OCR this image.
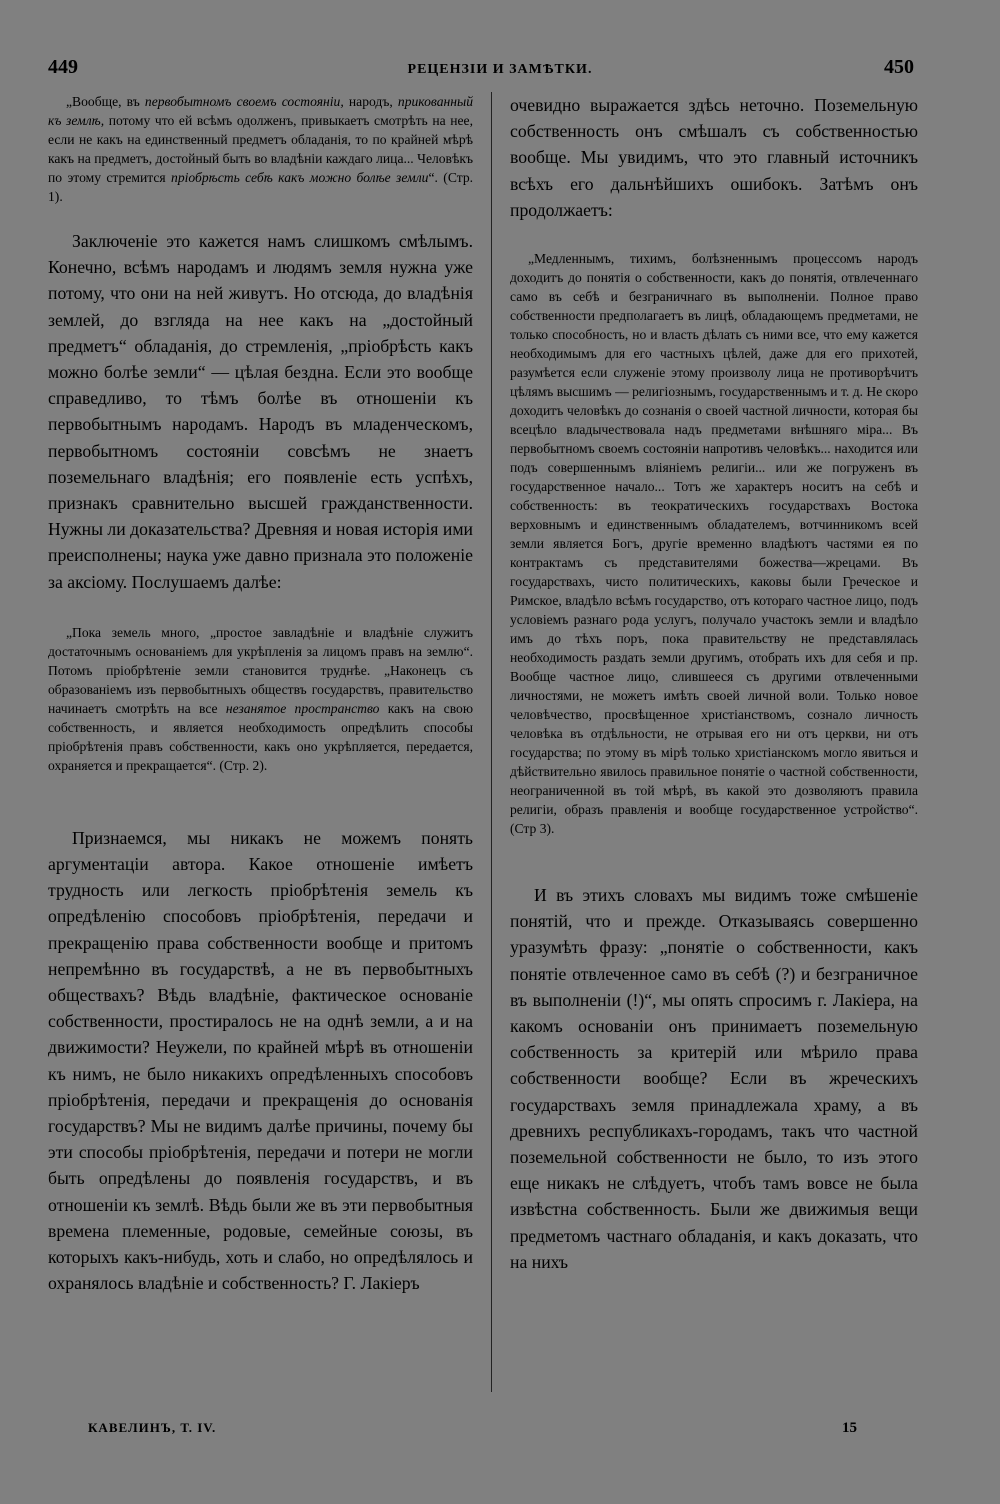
449	РЕЦЕНЗІИ И ЗАМѢТКИ.	450

„Вообще, въ первобытномъ своемъ состояніи, народъ, прикованный къ землѣ, потому что ей всѣмъ одолженъ, привыкаетъ смотрѣть на нее, если не какъ на единственный предметъ обладанія, то по крайней мѣрѣ какъ на предметъ, достойный быть во владѣніи каждаго лица... Человѣкъ по этому стремится пріобрѣсть себѣ какъ можно болѣе земли“. (Стр. 1).

Заключеніе это кажется намъ слишкомъ смѣлымъ. Конечно, всѣмъ народамъ и людямъ земля нужна уже потому, что они на ней живутъ. Но отсюда, до владѣнія землей, до взгляда на нее какъ на „достойный предметъ“ обладанія, до стремленія, „пріобрѣсть какъ можно болѣе земли“ — цѣлая бездна. Если это вообще справедливо, то тѣмъ болѣе въ отношеніи къ первобытнымъ народамъ. Народъ въ младенческомъ, первобытномъ состояніи совсѣмъ не знаетъ поземельнаго владѣнія; его появленіе есть успѣхъ, признакъ сравнительно высшей гражданственности. Нужны ли доказательства? Древняя и новая исторія ими преисполнены; наука уже давно признала это положеніе за аксіому. Послушаемъ далѣе:

„Пока земель много, „простое завладѣніе и владѣніе служитъ достаточнымъ основаніемъ для укрѣпленія за лицомъ правъ на землю“. Потомъ пріобрѣтеніе земли становится труднѣе. „Наконецъ съ образованіемъ изъ первобытныхъ обществъ государствъ, правительство начинаетъ смотрѣть на все незанятое пространство какъ на свою собственность, и является необходимость опредѣлить способы пріобрѣтенія правъ собственности, какъ оно укрѣпляется, передается, охраняется и прекращается“. (Стр. 2).

Признаемся, мы никакъ не можемъ понять аргументаціи автора. Какое отношеніе имѣетъ трудность или легкость пріобрѣтенія земель къ опредѣленію способовъ пріобрѣтенія, передачи и прекращенію права собственности вообще и притомъ непремѣнно въ государствѣ, а не въ первобытныхъ обществахъ? Вѣдь владѣніе, фактическое основаніе собственности, простиралось не на однѣ земли, а и на движимости? Неужели, по крайней мѣрѣ въ отношеніи къ нимъ, не было никакихъ опредѣленныхъ способовъ пріобрѣтенія, передачи и прекращенія до основанія государствъ? Мы не видимъ далѣе причины, почему бы эти способы пріобрѣтенія, передачи и потери не могли быть опредѣлены до появленія государствъ, и въ отношеніи къ землѣ. Вѣдь были же въ эти первобытныя времена племенные, родовые, семейные союзы, въ которыхъ какъ-нибудь, хоть и слабо, но опредѣлялось и охранялось владѣніе и собственность? Г. Лакіеръ

очевидно выражается здѣсь неточно. Поземельную собственность онъ смѣшалъ съ собственностью вообще. Мы увидимъ, что это главный источникъ всѣхъ его дальнѣйшихъ ошибокъ. Затѣмъ онъ продолжаетъ:

„Медленнымъ, тихимъ, болѣзненнымъ процессомъ народъ доходитъ до понятія о собственности, какъ до понятія, отвлеченнаго само въ себѣ и безграничнаго въ выполненіи. Полное право собственности предполагаетъ въ лицѣ, обладающемъ предметами, не только способность, но и власть дѣлать съ ними все, что ему кажется необходимымъ для его частныхъ цѣлей, даже для его прихотей, разумѣется если служеніе этому произволу лица не противорѣчитъ цѣлямъ высшимъ — религіознымъ, государственнымъ и т. д. Не скоро доходитъ человѣкъ до сознанія о своей частной личности, которая бы всецѣло владычествовала надъ предметами внѣшняго міра... Въ первобытномъ своемъ состояніи напротивъ человѣкъ... находится или подъ совершеннымъ вліяніемъ религіи... или же погруженъ въ государственное начало... Тотъ же характеръ носитъ на себѣ и собственность: въ теократическихъ государствахъ Востока верховнымъ и единственнымъ обладателемъ, вотчинникомъ всей земли является Богъ, другіе временно владѣютъ частями ея по контрактамъ съ представителями божества—жрецами. Въ государствахъ, чисто политическихъ, каковы были Греческое и Римское, владѣло всѣмъ государство, отъ котораго частное лицо, подъ условіемъ разнаго рода услугъ, получало участокъ земли и владѣло имъ до тѣхъ поръ, пока правительству не представлялась необходимость раздать земли другимъ, отобрать ихъ для себя и пр. Вообще частное лицо, слившееся съ другими отвлеченными личностями, не можетъ имѣть своей личной воли. Только новое человѣчество, просвѣщенное христіанствомъ, сознало личность человѣка въ отдѣльности, не отрывая его ни отъ церкви, ни отъ государства; по этому въ мірѣ только христіанскомъ могло явиться и дѣйствительно явилось правильное понятіе о частной собственности, неограниченной въ той мѣрѣ, въ какой это дозволяютъ правила религіи, образъ правленія и вообще государственное устройство“. (Стр 3).

И въ этихъ словахъ мы видимъ тоже смѣшеніе понятій, что и прежде. Отказываясь совершенно уразумѣть фразу: „понятіе о собственности, какъ понятіе отвлеченное само въ себѣ (?) и безграничное въ выполненіи (!)“, мы опять спросимъ г. Лакіера, на какомъ основаніи онъ принимаетъ поземельную собственность за критерій или мѣрило права собственности вообще? Если въ жреческихъ государствахъ земля принадлежала храму, а въ древнихъ республикахъ-городамъ, такъ что частной поземельной собственности не было, то изъ этого еще никакъ не слѣдуетъ, чтобъ тамъ вовсе не была извѣстна собственность. Были же движимыя вещи предметомъ частнаго обладанія, и какъ доказать, что на нихъ

КАВЕЛИНЪ, Т. IV.	15
